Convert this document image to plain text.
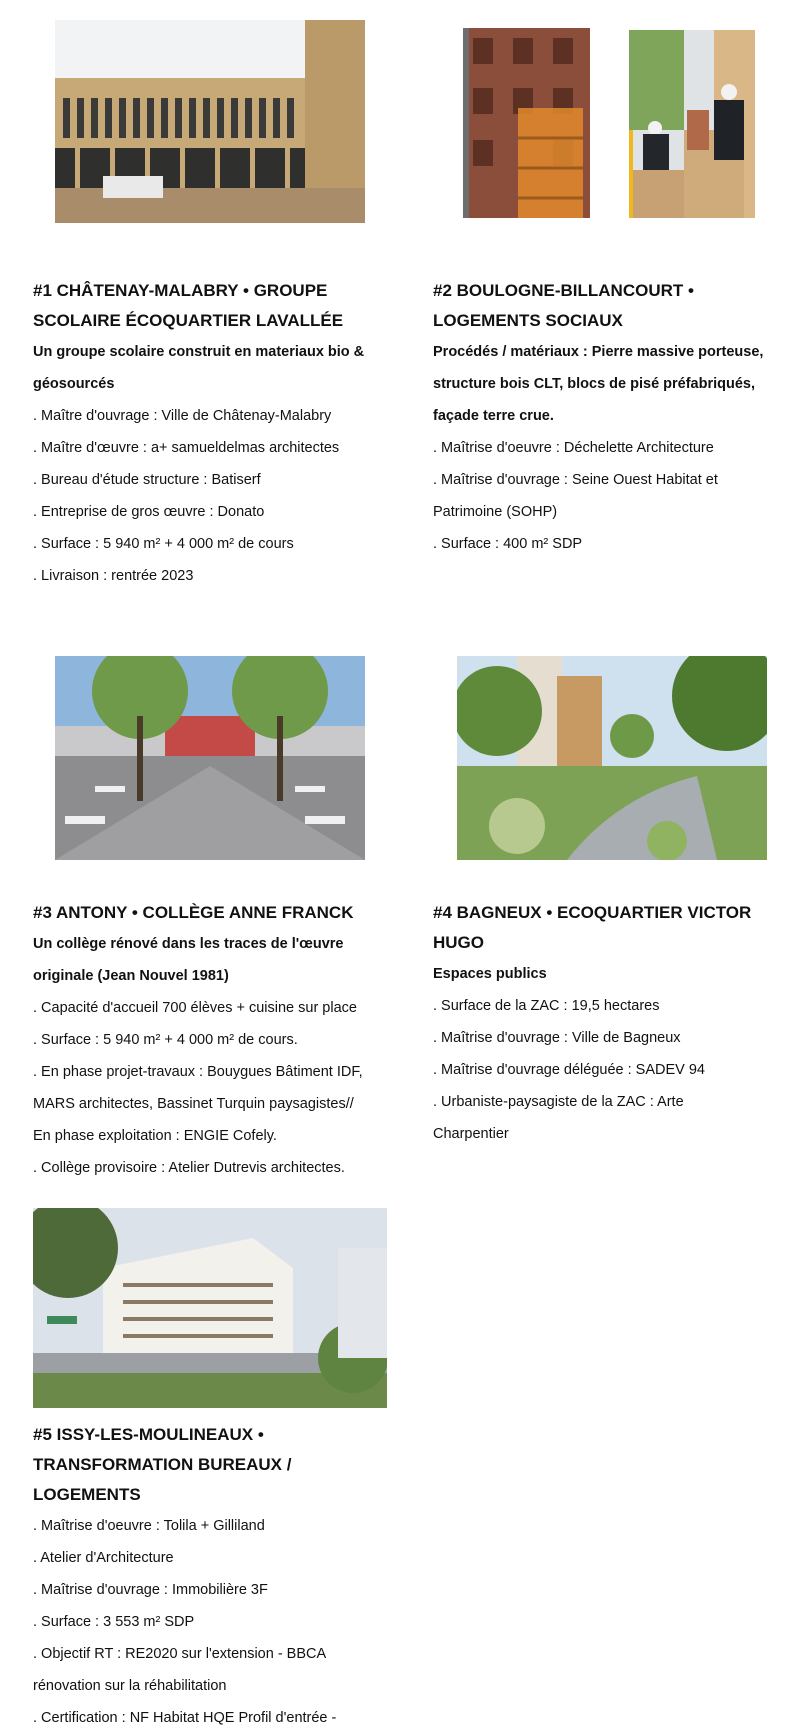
#1 CHÂTENAY-MALABRY • GROUPE
SCOLAIRE ÉCOQUARTIER LAVALLÉE
Un groupe scolaire construit en materiaux bio &
géosourcés
. Maître d'ouvrage : Ville de Châtenay-Malabry
. Maître d'œuvre : a+ samueldelmas architectes
. Bureau d'étude structure : Batiserf
. Entreprise de gros œuvre : Donato
. Surface : 5 940 m² + 4 000 m² de cours
. Livraison : rentrée 2023
#2 BOULOGNE-BILLANCOURT •
LOGEMENTS SOCIAUX
Procédés / matériaux : Pierre massive porteuse,
structure bois CLT, blocs de pisé préfabriqués,
façade terre crue.
. Maîtrise d'oeuvre : Déchelette Architecture
. Maîtrise d'ouvrage : Seine Ouest Habitat et
Patrimoine (SOHP)
. Surface : 400 m² SDP
#3 ANTONY • COLLÈGE ANNE FRANCK
Un collège rénové dans les traces de l'œuvre
originale (Jean Nouvel 1981)
. Capacité d'accueil 700 élèves + cuisine sur place
. Surface : 5 940 m² + 4 000 m² de cours.
. En phase projet-travaux : Bouygues Bâtiment IDF,
MARS architectes, Bassinet Turquin paysagistes//
En phase exploitation : ENGIE Cofely.
. Collège provisoire : Atelier Dutrevis architectes.
#4 BAGNEUX • ECOQUARTIER VICTOR
HUGO
Espaces publics
. Surface de la ZAC : 19,5 hectares
. Maîtrise d'ouvrage : Ville de Bagneux
. Maîtrise d'ouvrage déléguée : SADEV 94
. Urbaniste-paysagiste de la ZAC : Arte
Charpentier
#5 ISSY-LES-MOULINEAUX •
TRANSFORMATION BUREAUX /
LOGEMENTS
. Maîtrise d'oeuvre : Tolila + Gilliland
. Atelier d'Architecture
. Maîtrise d'ouvrage : Immobilière 3F
. Surface : 3 553 m² SDP
. Objectif RT : RE2020 sur l'extension - BBCA
rénovation sur la réhabilitation
. Certification : NF Habitat HQE Profil d'entrée -
